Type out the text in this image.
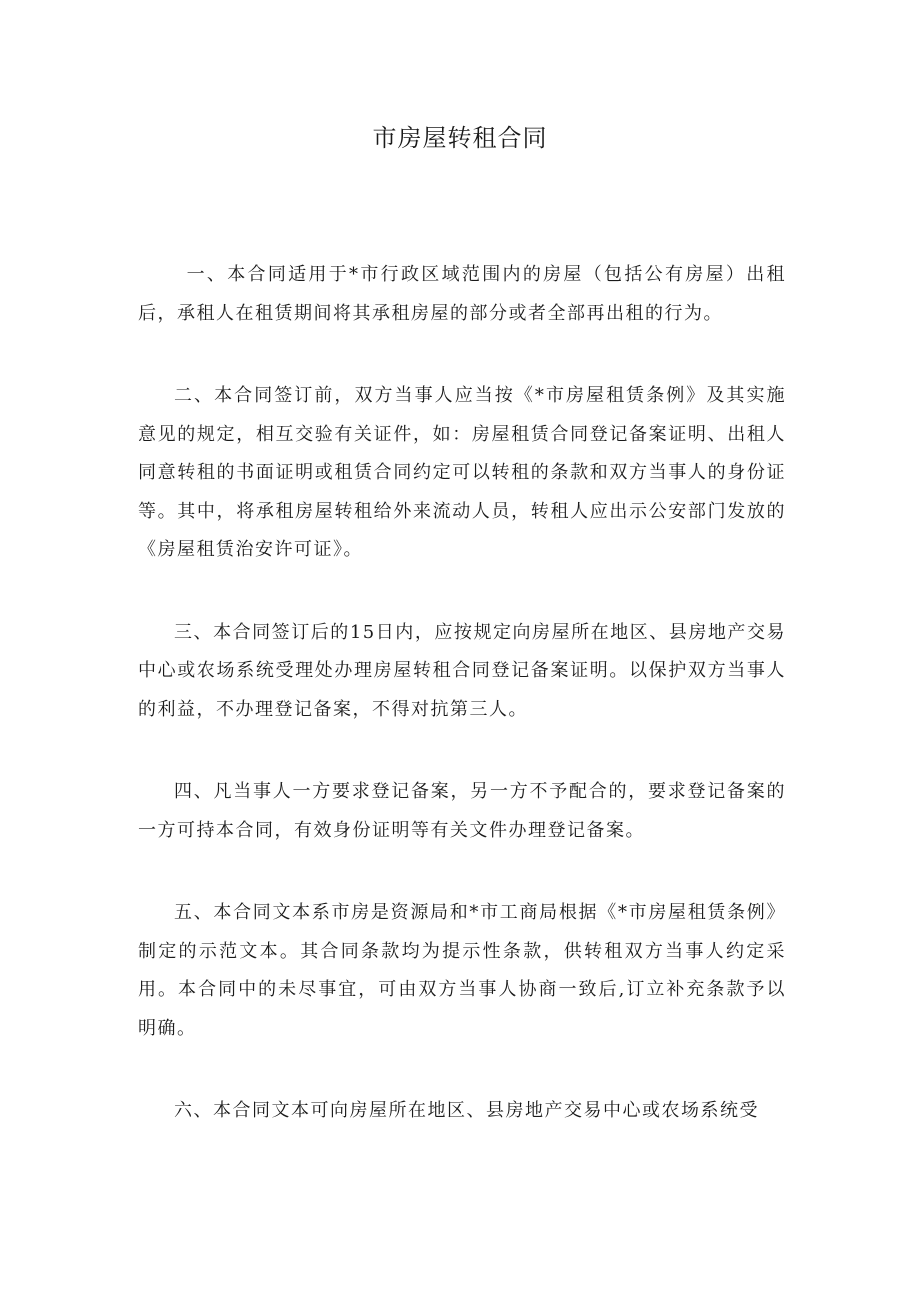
市房屋转租合同

一、本合同适用于*市行政区域范围内的房屋（包括公有房屋）出租后，承租人在租赁期间将其承租房屋的部分或者全部再出租的行为。

二、本合同签订前，双方当事人应当按《*市房屋租赁条例》及其实施意见的规定，相互交验有关证件，如：房屋租赁合同登记备案证明、出租人同意转租的书面证明或租赁合同约定可以转租的条款和双方当事人的身份证等。其中，将承租房屋转租给外来流动人员，转租人应出示公安部门发放的《房屋租赁治安许可证》。

三、本合同签订后的15日内，应按规定向房屋所在地区、县房地产交易中心或农场系统受理处办理房屋转租合同登记备案证明。以保护双方当事人的利益，不办理登记备案，不得对抗第三人。

四、凡当事人一方要求登记备案，另一方不予配合的，要求登记备案的一方可持本合同，有效身份证明等有关文件办理登记备案。

五、本合同文本系市房是资源局和*市工商局根据《*市房屋租赁条例》制定的示范文本。其合同条款均为提示性条款，供转租双方当事人约定采用。本合同中的未尽事宜，可由双方当事人协商一致后,订立补充条款予以明确。

六、本合同文本可向房屋所在地区、县房地产交易中心或农场系统受
